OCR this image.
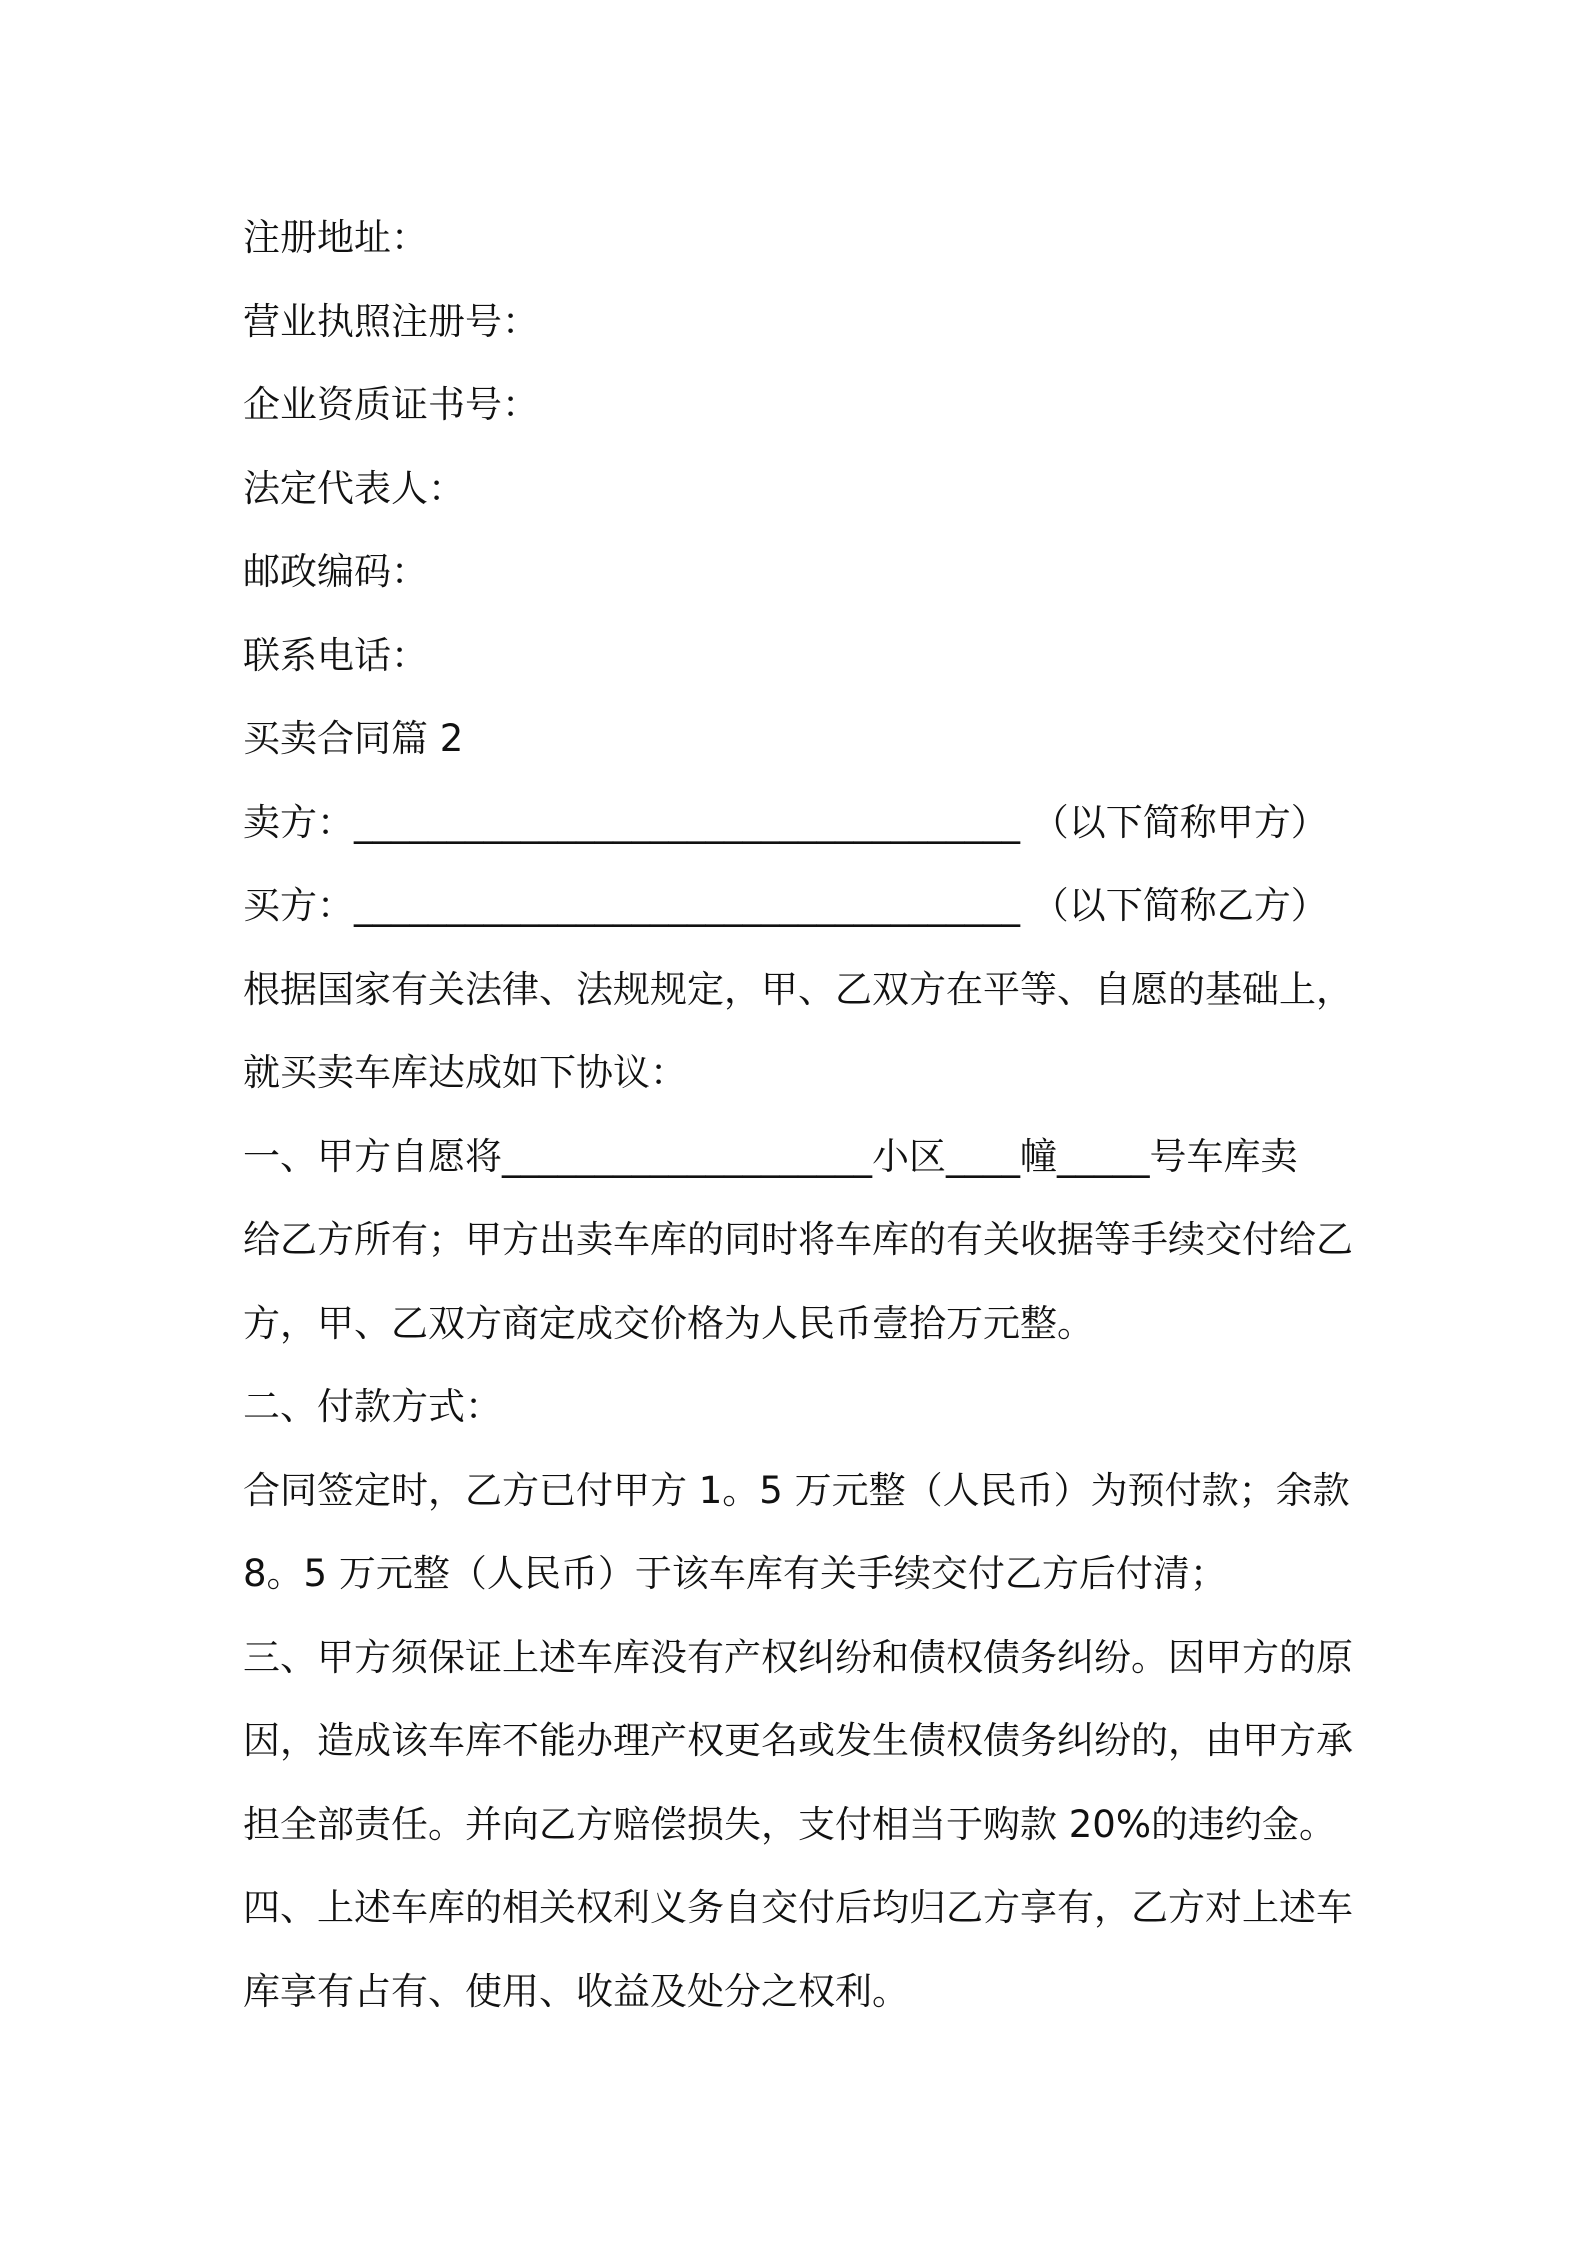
注册地址：
营业执照注册号：
企业资质证书号：
法定代表人：
邮政编码：
联系电话：
买卖合同篇 2
卖方：____________________________________ （以下简称甲方）
买方：____________________________________ （以下简称乙方）
根据国家有关法律、法规规定，甲、乙双方在平等、自愿的基础上，
就买卖车库达成如下协议：
一、甲方自愿将____________________小区____幢_____号车库卖
给乙方所有；甲方出卖车库的同时将车库的有关收据等手续交付给乙
方，甲、乙双方商定成交价格为人民币壹拾万元整。
二、付款方式：
合同签定时，乙方已付甲方 1。5 万元整（人民币）为预付款；余款
8。5 万元整（人民币）于该车库有关手续交付乙方后付清；
三、甲方须保证上述车库没有产权纠纷和债权债务纠纷。因甲方的原
因，造成该车库不能办理产权更名或发生债权债务纠纷的，由甲方承
担全部责任。并向乙方赔偿损失，支付相当于购款 20%的违约金。
四、上述车库的相关权利义务自交付后均归乙方享有，乙方对上述车
库享有占有、使用、收益及处分之权利。
